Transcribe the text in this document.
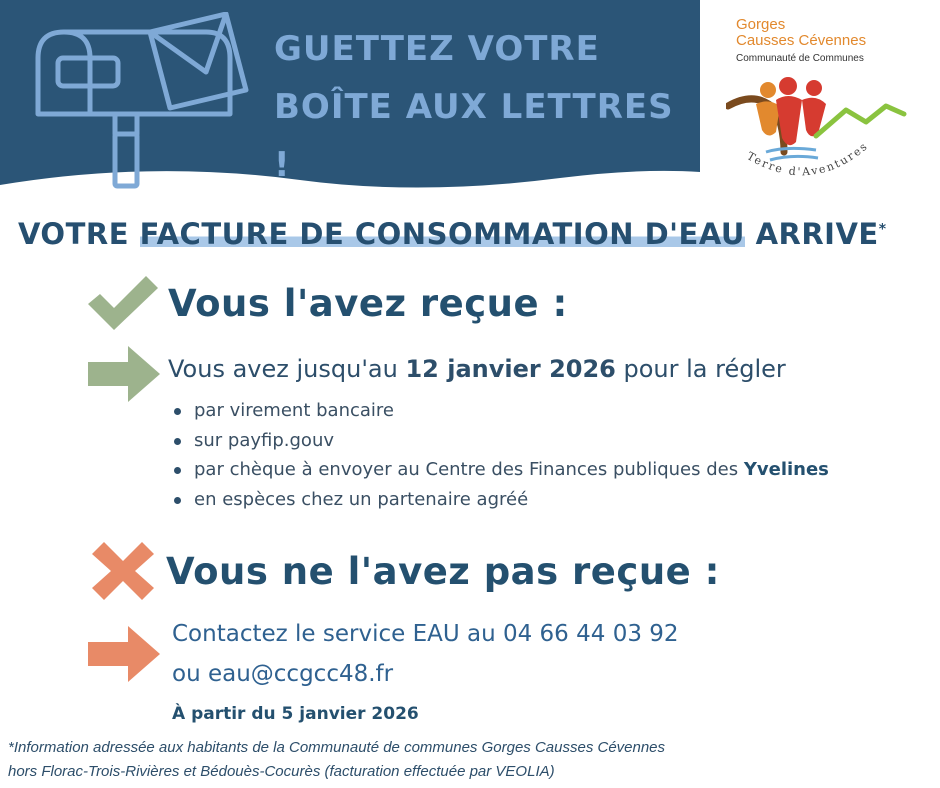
GUETTEZ VOTRE
BOÎTE AUX LETTRES !
Gorges
Causses Cévennes
Communauté de Communes
Terre d'Aventures
VOTRE FACTURE DE CONSOMMATION D'EAU ARRIVE*
Vous l'avez reçue :
Vous avez jusqu'au 12 janvier 2026 pour la régler
par virement bancaire
sur payfip.gouv
par chèque à envoyer au Centre des Finances publiques des Yvelines
en espèces chez un partenaire agréé
Vous ne l'avez pas reçue :
Contactez le service EAU au 04 66 44 03 92
ou eau@ccgcc48.fr
À partir du 5 janvier 2026
*Information adressée aux habitants de la Communauté de communes Gorges Causses Cévennes
hors Florac-Trois-Rivières et Bédouès-Cocurès (facturation effectuée par VEOLIA)
